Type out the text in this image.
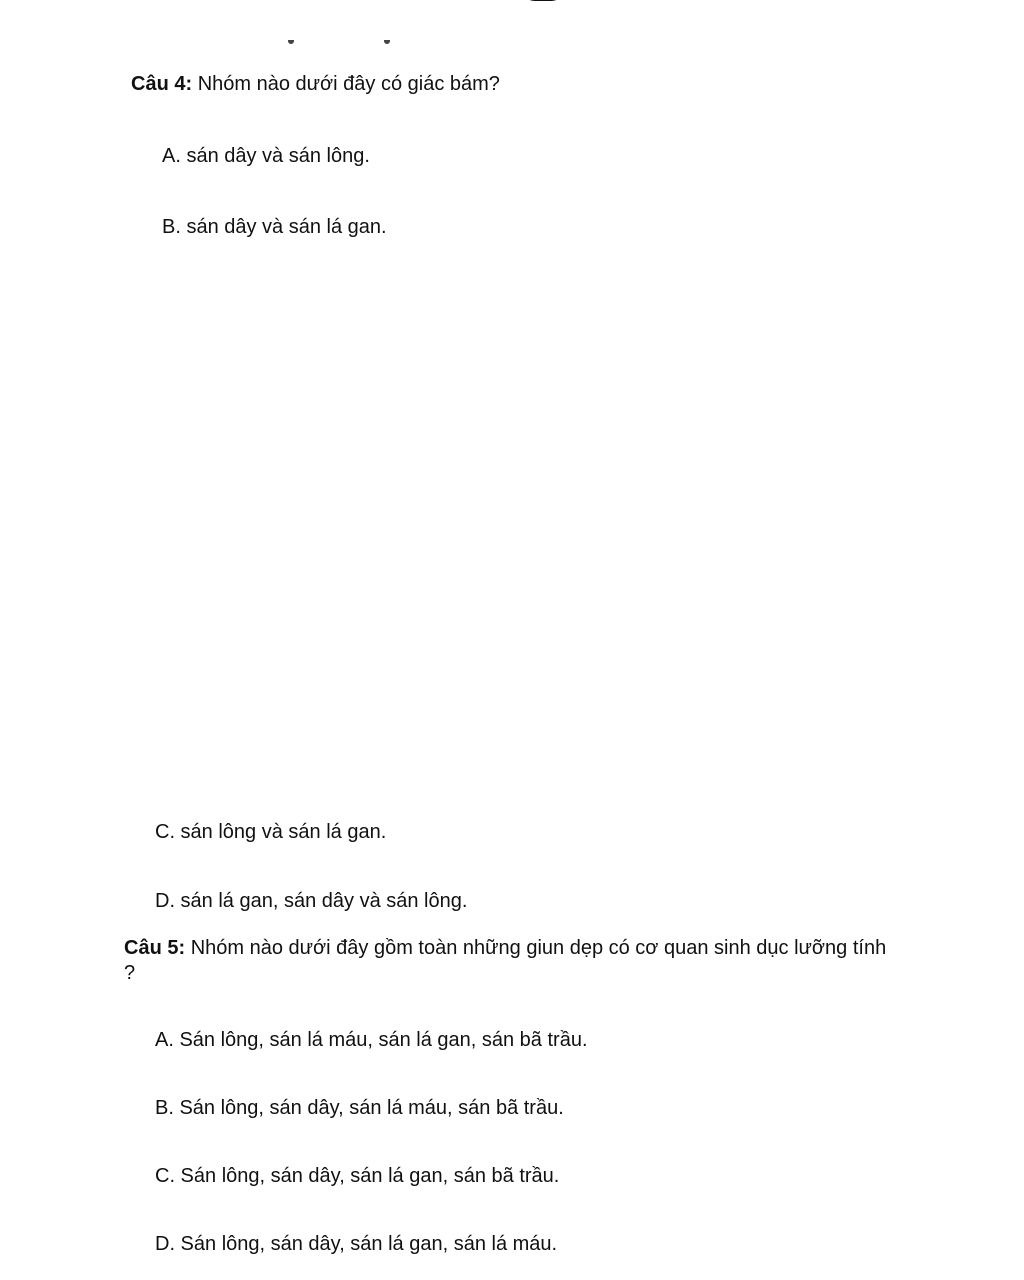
Câu 4: Nhóm nào dưới đây có giác bám?

A. sán dây và sán lông.

B. sán dây và sán lá gan.

C. sán lông và sán lá gan.

D. sán lá gan, sán dây và sán lông.

Câu 5: Nhóm nào dưới đây gồm toàn những giun dẹp có cơ quan sinh dục lưỡng tính ?

A. Sán lông, sán lá máu, sán lá gan, sán bã trầu.

B. Sán lông, sán dây, sán lá máu, sán bã trầu.

C. Sán lông, sán dây, sán lá gan, sán bã trầu.

D. Sán lông, sán dây, sán lá gan, sán lá máu.
